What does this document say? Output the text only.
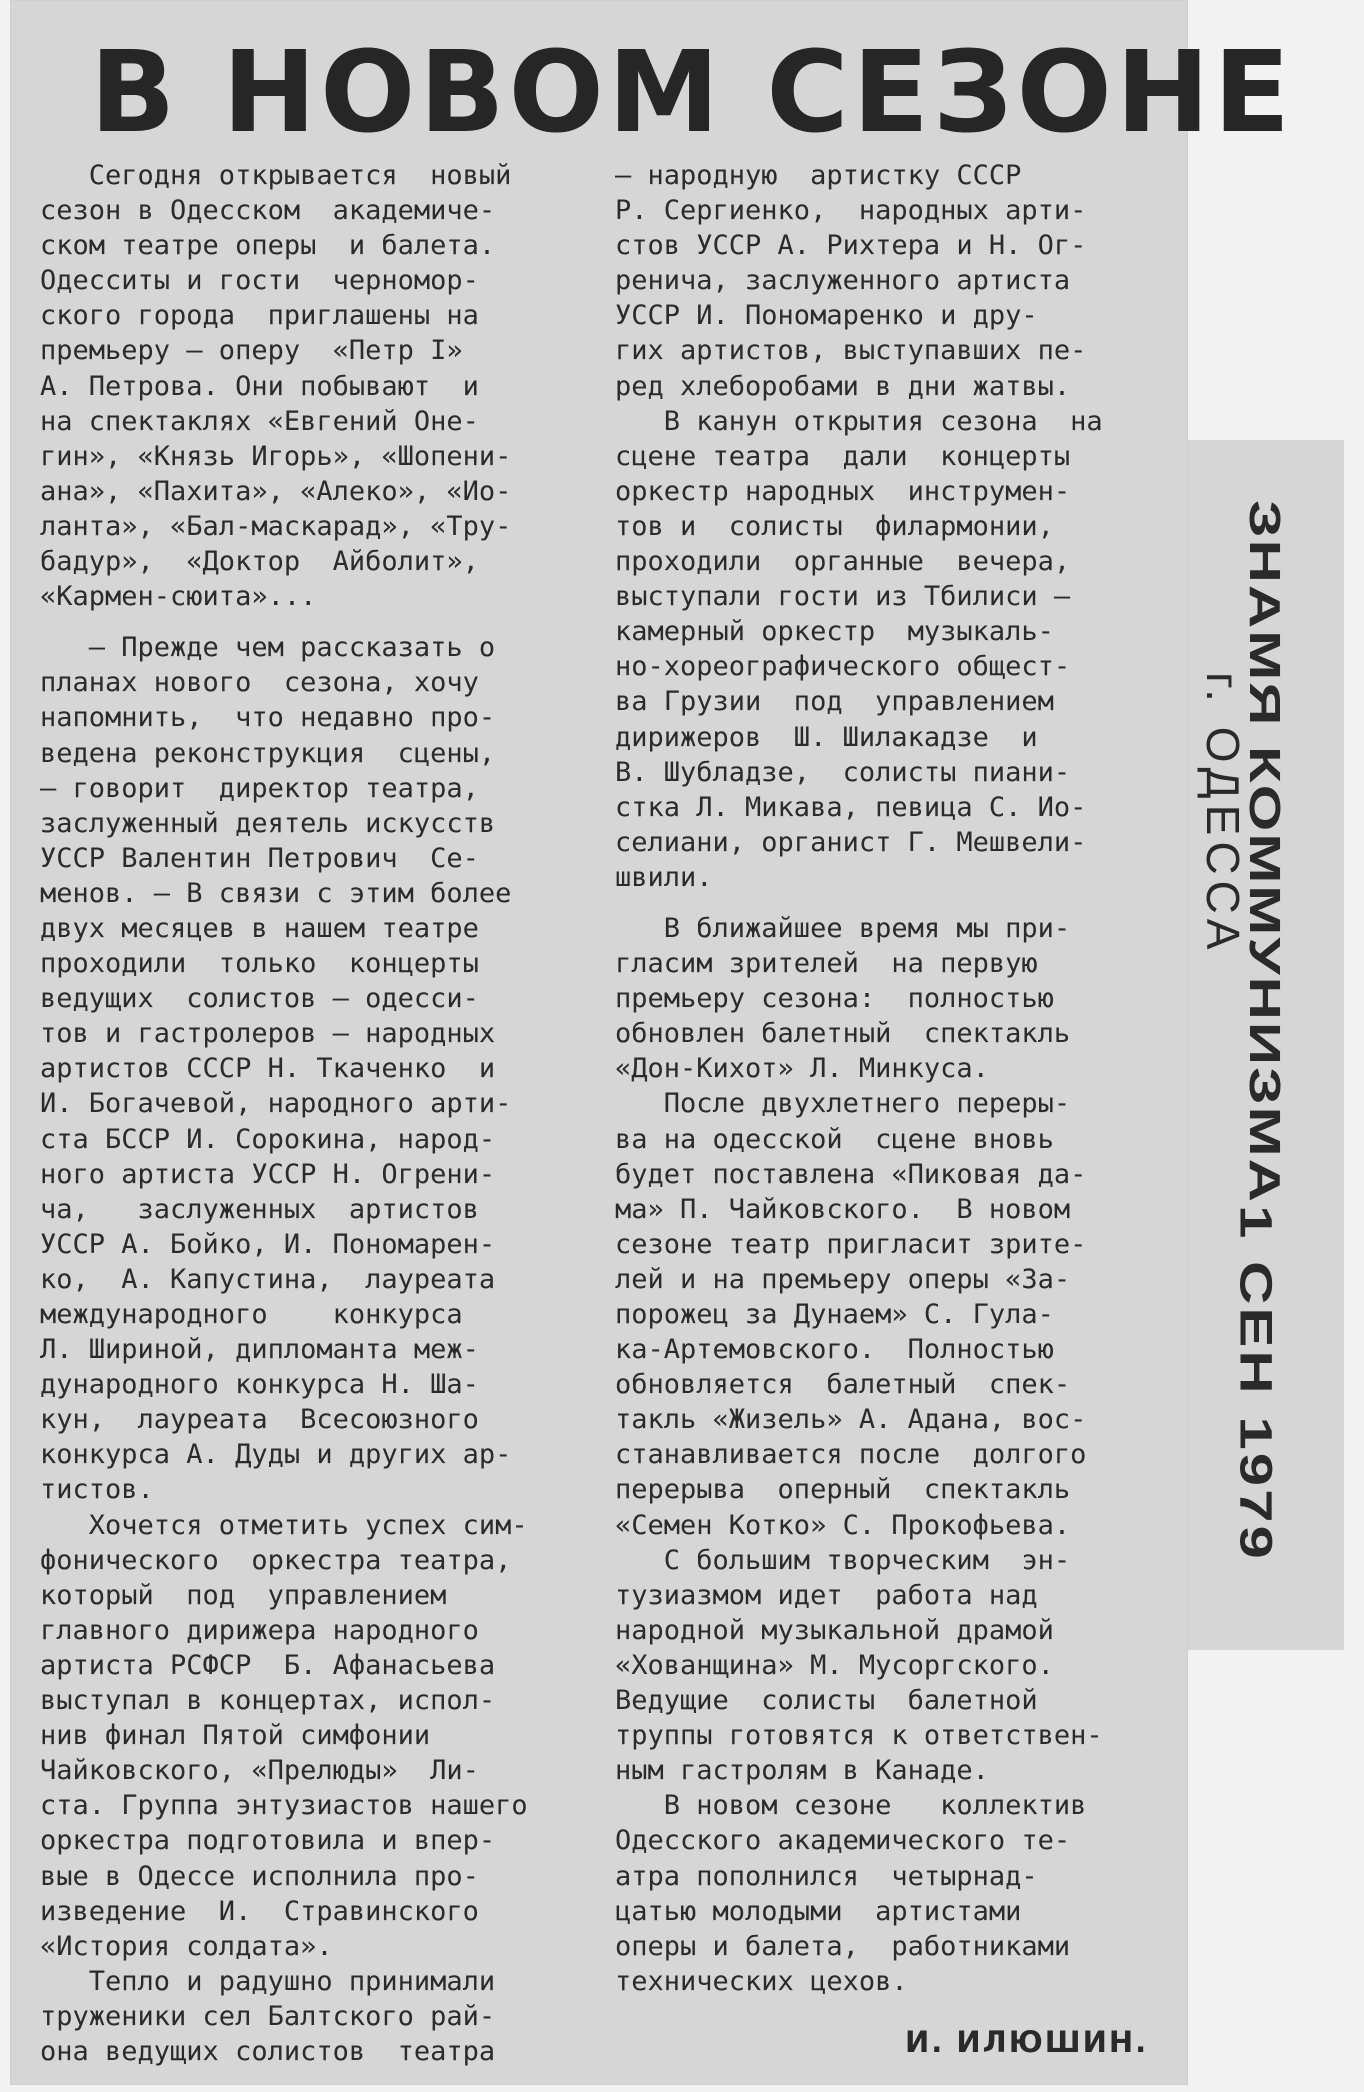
В НОВОМ СЕЗОНЕ
Сегодня открывается  новый
сезон в Одесском  академиче-
ском театре оперы  и балета.
Одесситы и гости  черномор-
ского города  приглашены на
премьеру — оперу  «Петр I»
А. Петрова. Они побывают  и
на спектаклях «Евгений Оне-
гин», «Князь Игорь», «Шопени-
ана», «Пахита», «Алеко», «Ио-
ланта», «Бал-маскарад», «Тру-
бадур»,  «Доктор  Айболит»,
«Кармен-сюита»...
— Прежде чем рассказать о
планах нового  сезона, хочу
напомнить,  что недавно про-
ведена реконструкция  сцены,
— говорит  директор театра,
заслуженный деятель искусств
УССР Валентин Петрович  Се-
менов. — В связи с этим более
двух месяцев в нашем театре
проходили  только  концерты
ведущих  солистов — одесси-
тов и гастролеров — народных
артистов СССР Н. Ткаченко  и
И. Богачевой, народного арти-
ста БССР И. Сорокина, народ-
ного артиста УССР Н. Огрени-
ча,   заслуженных  артистов
УССР А. Бойко, И. Пономарен-
ко,  А. Капустина,  лауреата
международного    конкурса
Л. Шириной, дипломанта меж-
дународного конкурса Н. Ша-
кун,  лауреата  Всесоюзного
конкурса А. Дуды и других ар-
тистов.
Хочется отметить успех сим-
фонического  оркестра театра,
который  под  управлением
главного дирижера народного
артиста РСФСР  Б. Афанасьева
выступал в концертах, испол-
нив финал Пятой симфонии
Чайковского, «Прелюды»  Ли-
ста. Группа энтузиастов нашего
оркестра подготовила и впер-
вые в Одессе исполнила про-
изведение  И.  Стравинского
«История солдата».
Тепло и радушно принимали
труженики сел Балтского рай-
она ведущих солистов  театра
— народную  артистку СССР
Р. Сергиенко,  народных арти-
стов УССР А. Рихтера и Н. Ог-
ренича, заслуженного артиста
УССР И. Пономаренко и дру-
гих артистов, выступавших пе-
ред хлеборобами в дни жатвы.
В канун открытия сезона  на
сцене театра  дали  концерты
оркестр народных  инструмен-
тов и  солисты  филармонии,
проходили  органные  вечера,
выступали гости из Тбилиси —
камерный оркестр  музыкаль-
но-хореографического общест-
ва Грузии  под  управлением
дирижеров  Ш. Шилакадзе  и
В. Шубладзе,  солисты пиани-
стка Л. Микава, певица С. Ио-
селиани, органист Г. Мешвели-
швили.
В ближайшее время мы при-
гласим зрителей  на первую
премьеру сезона:  полностью
обновлен балетный  спектакль
«Дон-Кихот» Л. Минкуса.
После двухлетнего переры-
ва на одесской  сцене вновь
будет поставлена «Пиковая да-
ма» П. Чайковского.  В новом
сезоне театр пригласит зрите-
лей и на премьеру оперы «За-
порожец за Дунаем» С. Гула-
ка-Артемовского.  Полностью
обновляется  балетный  спек-
такль «Жизель» А. Адана, вос-
станавливается после  долгого
перерыва  оперный  спектакль
«Семен Котко» С. Прокофьева.
С большим творческим  эн-
тузиазмом идет  работа над
народной музыкальной драмой
«Хованщина» М. Мусоргского.
Ведущие  солисты  балетной
труппы готовятся к ответствен-
ным гастролям в Канаде.
В новом сезоне   коллектив
Одесского академического те-
атра пополнился  четырнад-
цатью молодыми  артистами
оперы и балета,  работниками
технических цехов.

И. ИЛЮШИН.

ЗНАМЯ КОММУНИЗМА
г. ОДЕССА
1 СЕН 1979
